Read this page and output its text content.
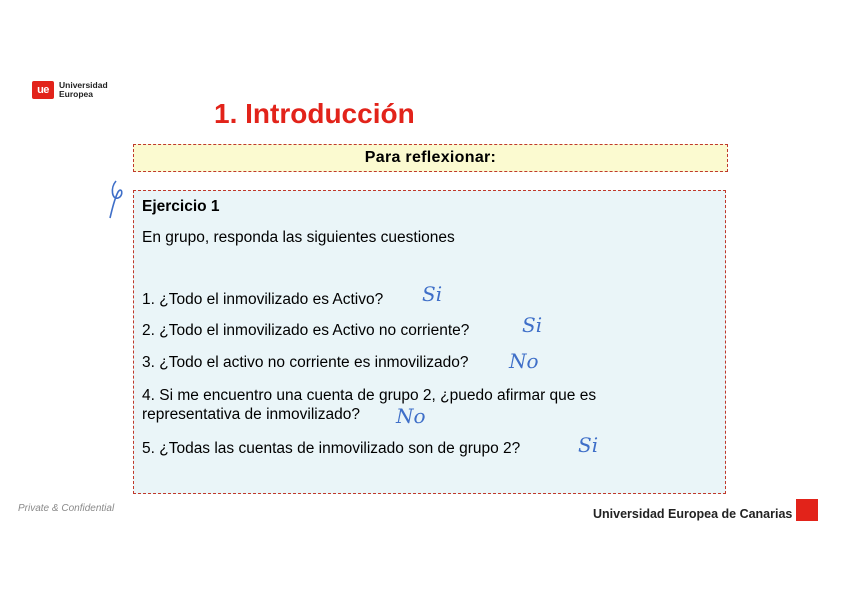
ue	Universidad
Europea
1. Introducción
Para reflexionar:
Ejercicio 1
En grupo, responda las siguientes cuestiones
1. ¿Todo el inmovilizado es Activo? Si
2. ¿Todo el inmovilizado es Activo no corriente?	Si
3. ¿Todo el activo no corriente es inmovilizado? No
4. Si me encuentro una cuenta de grupo 2, ¿puedo afirmar que es
representativa de inmovilizado? No
5. ¿Todas las cuentas de inmovilizado son de grupo 2?	Si
Private & Confidential	Universidad Europea de Canarias
